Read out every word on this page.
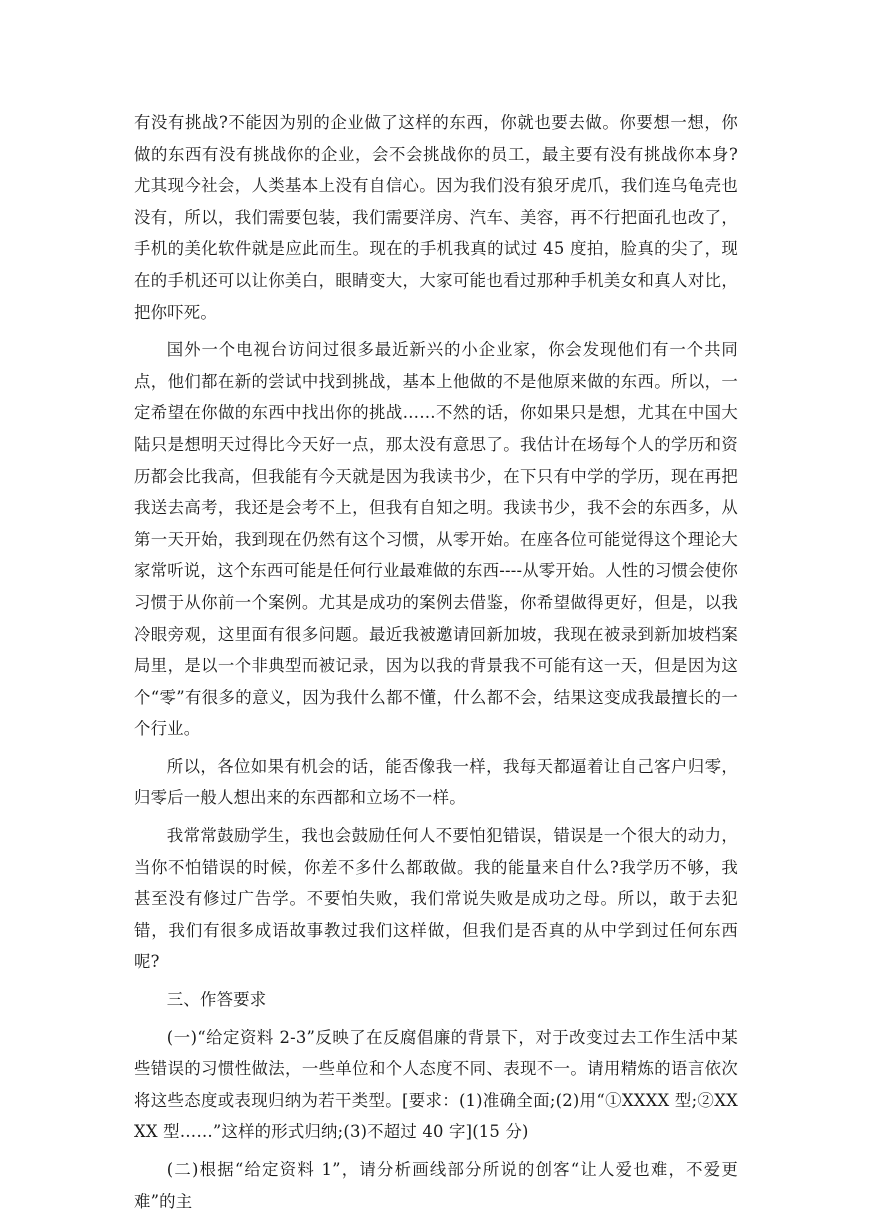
有没有挑战?不能因为别的企业做了这样的东西，你就也要去做。你要想一想，你做的东西有没有挑战你的企业，会不会挑战你的员工，最主要有没有挑战你本身?尤其现今社会，人类基本上没有自信心。因为我们没有狼牙虎爪，我们连乌龟壳也没有，所以，我们需要包装，我们需要洋房、汽车、美容，再不行把面孔也改了，手机的美化软件就是应此而生。现在的手机我真的试过 45 度拍，脸真的尖了，现在的手机还可以让你美白，眼睛变大，大家可能也看过那种手机美女和真人对比，把你吓死。

国外一个电视台访问过很多最近新兴的小企业家，你会发现他们有一个共同点，他们都在新的尝试中找到挑战，基本上他做的不是他原来做的东西。所以，一定希望在你做的东西中找出你的挑战……不然的话，你如果只是想，尤其在中国大陆只是想明天过得比今天好一点，那太没有意思了。我估计在场每个人的学历和资历都会比我高，但我能有今天就是因为我读书少，在下只有中学的学历，现在再把我送去高考，我还是会考不上，但我有自知之明。我读书少，我不会的东西多，从第一天开始，我到现在仍然有这个习惯，从零开始。在座各位可能觉得这个理论大家常听说，这个东西可能是任何行业最难做的东西----从零开始。人性的习惯会使你习惯于从你前一个案例。尤其是成功的案例去借鉴，你希望做得更好，但是，以我冷眼旁观，这里面有很多问题。最近我被邀请回新加坡，我现在被录到新加坡档案局里，是以一个非典型而被记录，因为以我的背景我不可能有这一天，但是因为这个“零”有很多的意义，因为我什么都不懂，什么都不会，结果这变成我最擅长的一个行业。

所以，各位如果有机会的话，能否像我一样，我每天都逼着让自己客户归零，归零后一般人想出来的东西都和立场不一样。

我常常鼓励学生，我也会鼓励任何人不要怕犯错误，错误是一个很大的动力，当你不怕错误的时候，你差不多什么都敢做。我的能量来自什么?我学历不够，我甚至没有修过广告学。不要怕失败，我们常说失败是成功之母。所以，敢于去犯错，我们有很多成语故事教过我们这样做，但我们是否真的从中学到过任何东西呢?

三、作答要求

(一)“给定资料 2-3”反映了在反腐倡廉的背景下，对于改变过去工作生活中某些错误的习惯性做法，一些单位和个人态度不同、表现不一。请用精炼的语言依次将这些态度或表现归纳为若干类型。[要求：(1)准确全面;(2)用“①XXXX 型;②XXXX 型……”这样的形式归纳;(3)不超过 40 字](15 分)

(二)根据“给定资料 1”，请分析画线部分所说的创客“让人爱也难，不爱更难”的主
